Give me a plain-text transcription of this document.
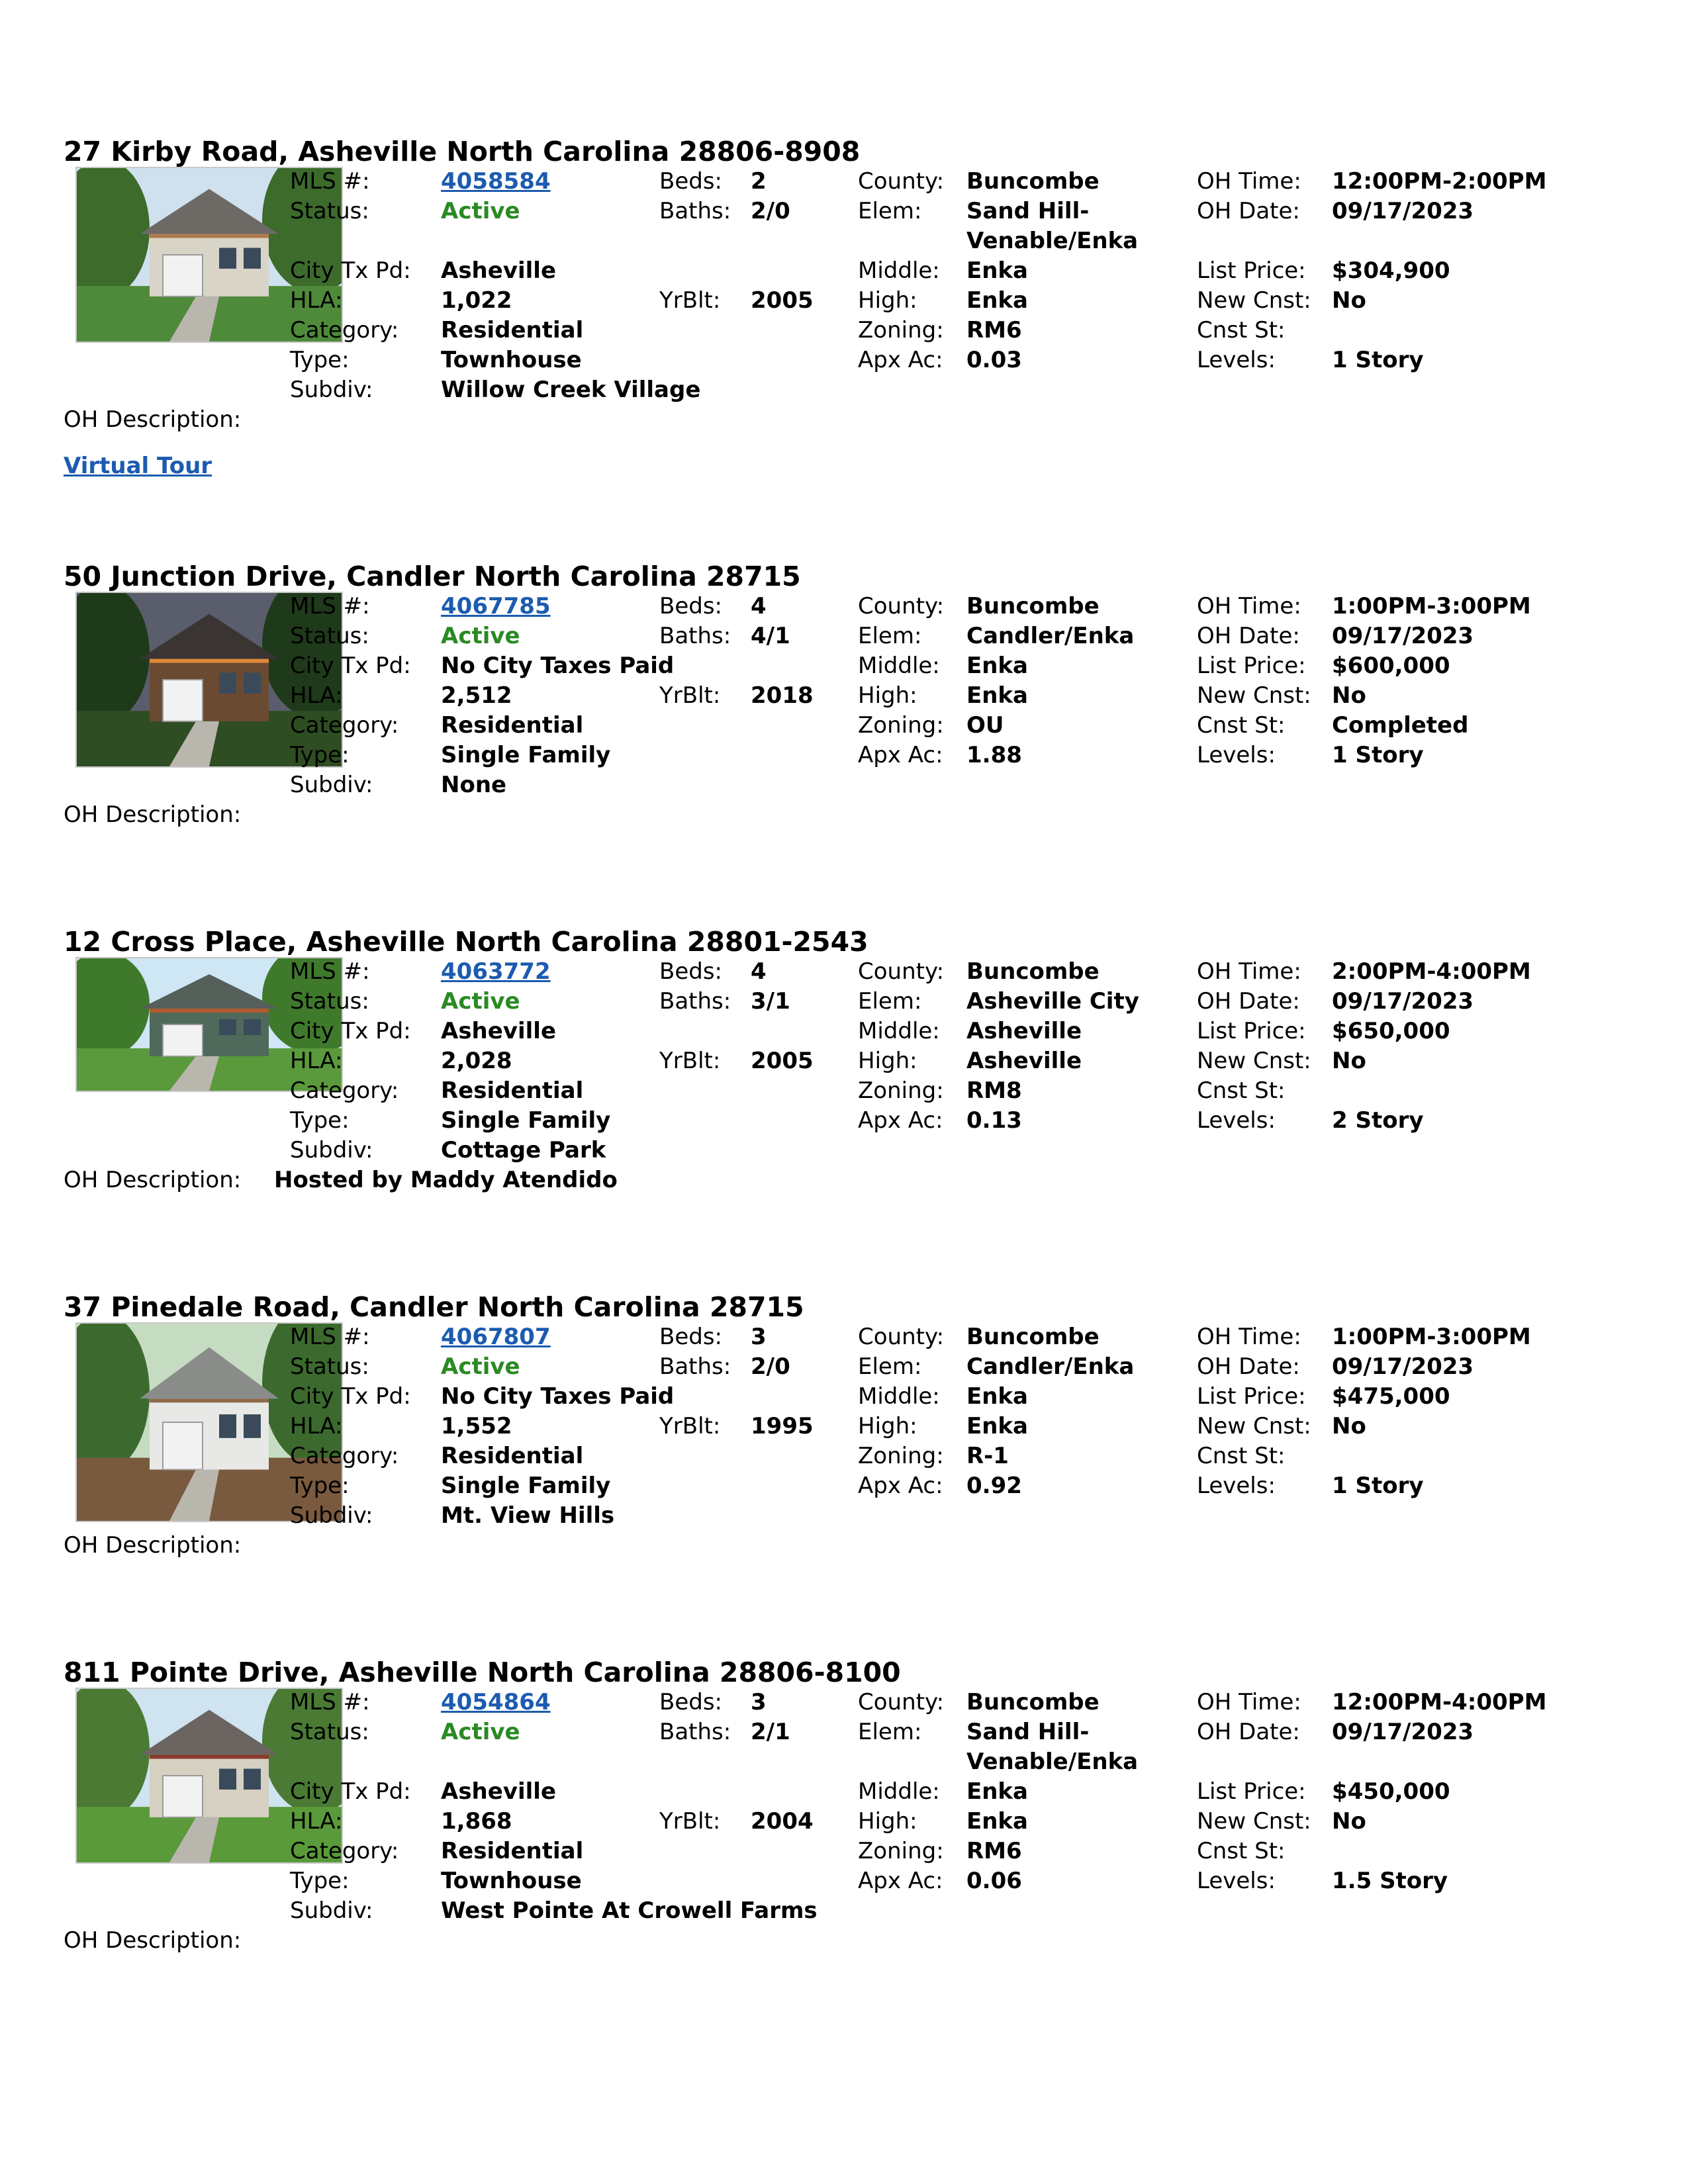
27 Kirby Road, Asheville North Carolina 28806-8908
MLS #:	4058584
Status:	Active
City Tx Pd: Asheville
HLA:	1,022
Category: Residential
Type:	Townhouse
Subdiv:	Willow Creek Village
Beds: 2
Baths: 2/0
YrBlt: 2005
County: Buncombe
Elem: Sand Hill-Venable/Enka
Middle: Enka
High: Enka
Zoning: RM6
Apx Ac: 0.03
OH Time: 12:00PM-2:00PM
OH Date: 09/17/2023
List Price: $304,900
New Cnst: No
Cnst St:
Levels:	1 Story
OH Description:
Virtual Tour
50 Junction Drive, Candler North Carolina 28715
MLS #:	4067785
Status:	Active
City Tx Pd: No City Taxes Paid
HLA:	2,512
Category: Residential
Type:	Single Family
Subdiv:	None
Beds: 4
Baths: 4/1
YrBlt: 2018
County: Buncombe
Elem: Candler/Enka
Middle: Enka
High: Enka
Zoning: OU
Apx Ac: 1.88
OH Time: 1:00PM-3:00PM
OH Date: 09/17/2023
List Price: $600,000
New Cnst: No
Cnst St: Completed
Levels:	1 Story
OH Description:
12 Cross Place, Asheville North Carolina 28801-2543
MLS #:	4063772
Status:	Active
City Tx Pd: Asheville
HLA:	2,028
Category: Residential
Type:	Single Family
Subdiv:	Cottage Park
Beds: 4
Baths: 3/1
YrBlt: 2005
County: Buncombe
Elem: Asheville City
Middle: Asheville
High: Asheville
Zoning: RM8
Apx Ac: 0.13
OH Time: 2:00PM-4:00PM
OH Date: 09/17/2023
List Price: $650,000
New Cnst: No
Cnst St:
Levels:	2 Story
OH Description: Hosted by Maddy Atendido
37 Pinedale Road, Candler North Carolina 28715
MLS #:	4067807
Status:	Active
City Tx Pd: No City Taxes Paid
HLA:	1,552
Category: Residential
Type:	Single Family
Subdiv:	Mt. View Hills
Beds: 3
Baths: 2/0
YrBlt: 1995
County: Buncombe
Elem: Candler/Enka
Middle: Enka
High: Enka
Zoning: R-1
Apx Ac: 0.92
OH Time: 1:00PM-3:00PM
OH Date: 09/17/2023
List Price: $475,000
New Cnst: No
Cnst St:
Levels:	1 Story
OH Description:
811 Pointe Drive, Asheville North Carolina 28806-8100
MLS #:	4054864
Status:	Active
City Tx Pd: Asheville
HLA:	1,868
Category: Residential
Type:	Townhouse
Subdiv:	West Pointe At Crowell Farms
Beds: 3
Baths: 2/1
YrBlt: 2004
County: Buncombe
Elem: Sand Hill-Venable/Enka
Middle: Enka
High: Enka
Zoning: RM6
Apx Ac: 0.06
OH Time: 12:00PM-4:00PM
OH Date: 09/17/2023
List Price: $450,000
New Cnst: No
Cnst St:
Levels:	1.5 Story
OH Description:
